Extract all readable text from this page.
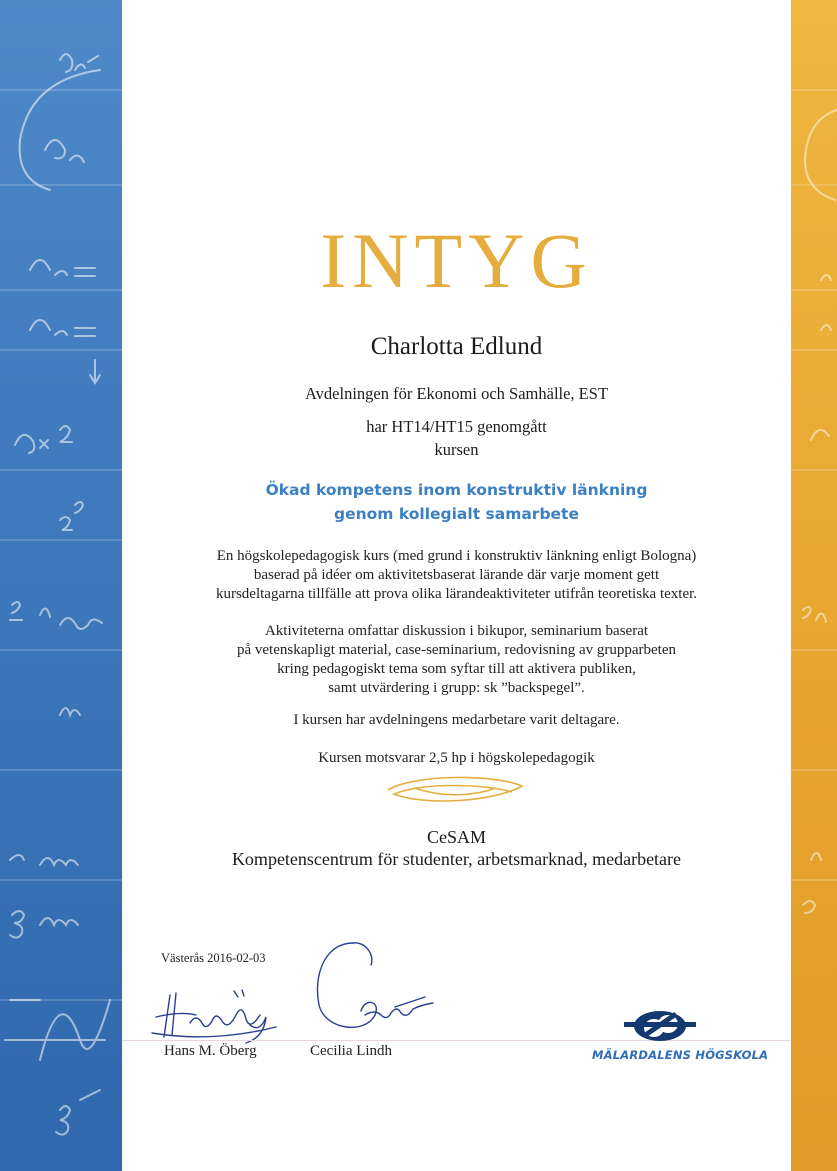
INTYG
Charlotta Edlund
Avdelningen för Ekonomi och Samhälle, EST
har HT14/HT15 genomgått
kursen
Ökad kompetens inom konstruktiv länkning
genom kollegialt samarbete
En högskolepedagogisk kurs (med grund i konstruktiv länkning enligt Bologna)
baserad på idéer om aktivitetsbaserat lärande där varje moment gett
kursdeltagarna tillfälle att prova olika lärandeaktiviteter utifrån teoretiska texter.
Aktiviteterna omfattar diskussion i bikupor, seminarium baserat
på vetenskapligt material, case-seminarium, redovisning av grupparbeten
kring pedagogiskt tema som syftar till att aktivera publiken,
samt utvärdering i grupp: sk ”backspegel”.
I kursen har avdelningens medarbetare varit deltagare.
Kursen motsvarar 2,5 hp i högskolepedagogik
CeSAM
Kompetenscentrum för studenter, arbetsmarknad, medarbetare
Västerås 2016-02-03
Hans M. Öberg	Cecilia Lindh	MÄLARDALENS HÖGSKOLA
